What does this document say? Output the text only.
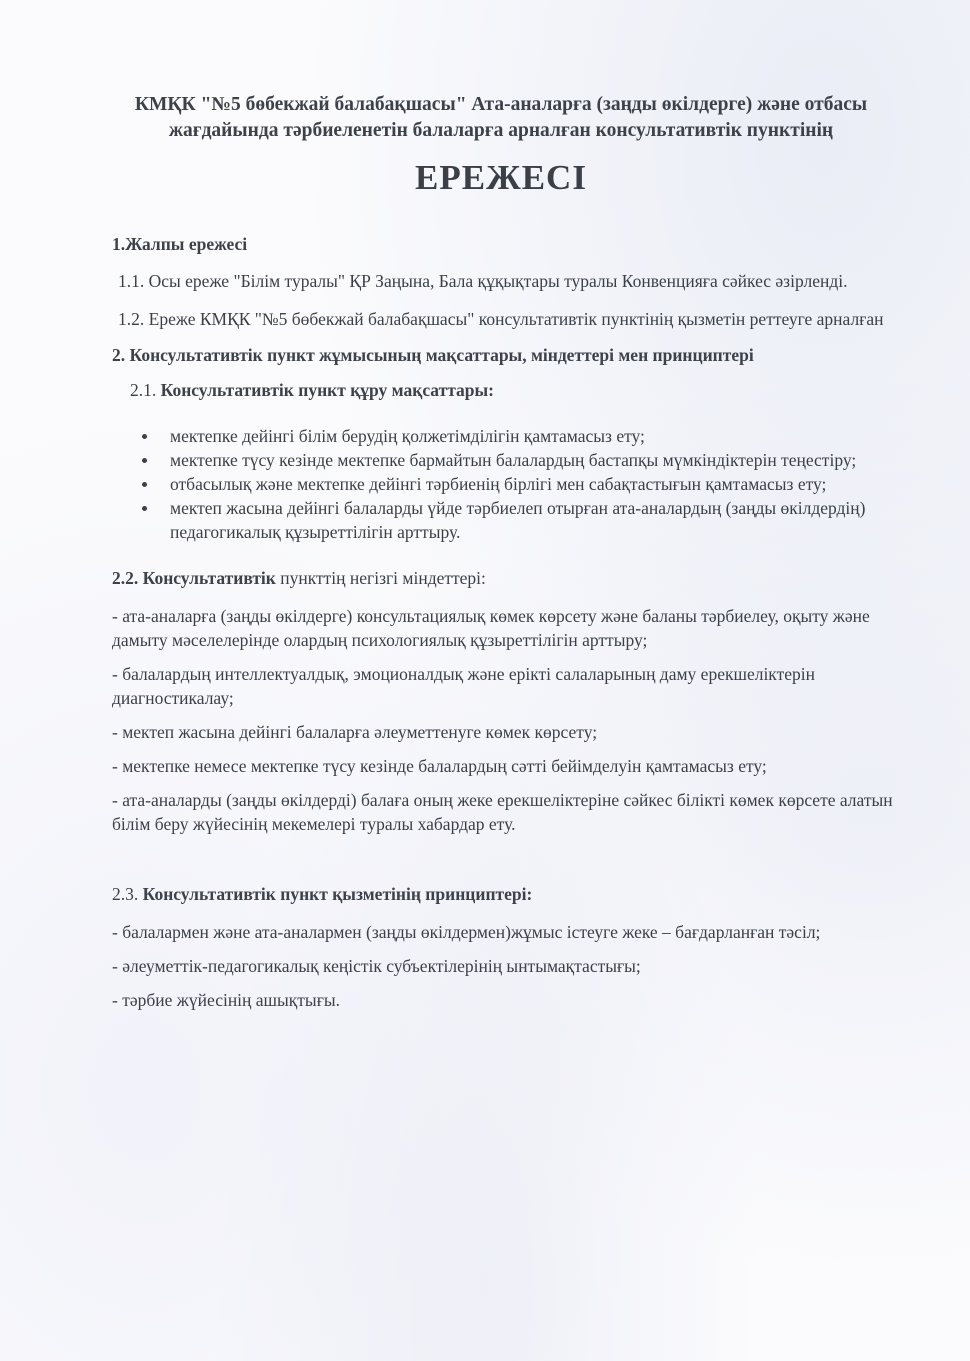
КМҚК "№5 бөбекжай балабақшасы" Ата-аналарға (заңды өкілдерге) және отбасы жағдайында тәрбиеленетін балаларға арналған консультативтік пунктінің
ЕРЕЖЕСІ
1.Жалпы ережесі

1.1. Осы ереже "Білім туралы" ҚР Заңына, Бала құқықтары туралы Конвенцияға сәйкес әзірленді.

1.2. Ереже КМҚК "№5 бөбекжай балабақшасы" консультативтік пунктінің қызметін реттеуге арналған

2. Консультативтік пункт жұмысының мақсаттары, міндеттері мен принциптері

2.1. Консультативтік пункт құру мақсаттары:

мектепке дейінгі білім берудің қолжетімділігін қамтамасыз ету;
мектепке түсу кезінде мектепке бармайтын балалардың бастапқы мүмкіндіктерін теңестіру;
отбасылық және мектепке дейінгі тәрбиенің бірлігі мен сабақтастығын қамтамасыз ету;
мектеп жасына дейінгі балаларды үйде тәрбиелеп отырған ата-аналардың (заңды өкілдердің) педагогикалық құзыреттілігін арттыру.

2.2. Консультативтік пункттің негізгі міндеттері:

- ата-аналарға (заңды өкілдерге) консультациялық көмек көрсету және баланы тәрбиелеу, оқыту және дамыту мәселелерінде олардың психологиялық құзыреттілігін арттыру;

- балалардың интеллектуалдық, эмоционалдық және ерікті салаларының даму ерекшеліктерін диагностикалау;

- мектеп жасына дейінгі балаларға әлеуметтенуге көмек көрсету;

- мектепке немесе мектепке түсу кезінде балалардың сәтті бейімделуін қамтамасыз ету;

- ата-аналарды (заңды өкілдерді) балаға оның жеке ерекшеліктеріне сәйкес білікті көмек көрсете алатын білім беру жүйесінің мекемелері туралы хабардар ету.

2.3. Консультативтік пункт қызметінің принциптері:

- балалармен және ата-аналармен (заңды өкілдермен)жұмыс істеуге жеке – бағдарланған тәсіл;

- әлеуметтік-педагогикалық кеңістік субъектілерінің ынтымақтастығы;

- тәрбие жүйесінің ашықтығы.
